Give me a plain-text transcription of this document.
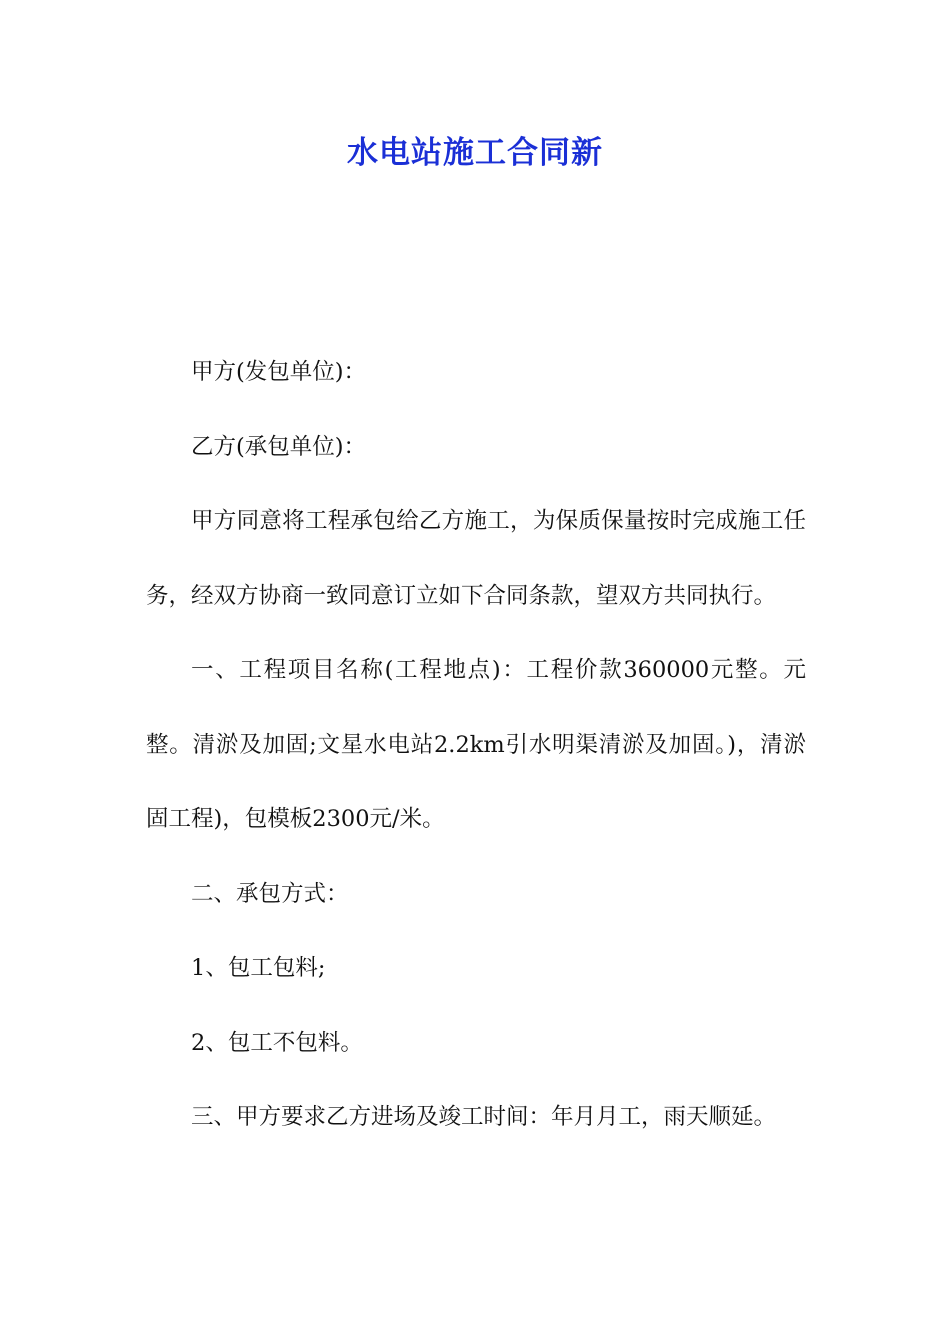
水电站施工合同新

甲方(发包单位)：

乙方(承包单位)：

甲方同意将工程承包给乙方施工，为保质保量按时完成施工任务，经双方协商一致同意订立如下合同条款，望双方共同执行。

一、工程项目名称(工程地点)：工程价款360000元整。元整。清淤及加固;文星水电站2.2km引水明渠清淤及加固。)，清淤固工程)，包模板2300元/米。

二、承包方式：

1、包工包料;

2、包工不包料。

三、甲方要求乙方进场及竣工时间：年月月工，雨天顺延。
